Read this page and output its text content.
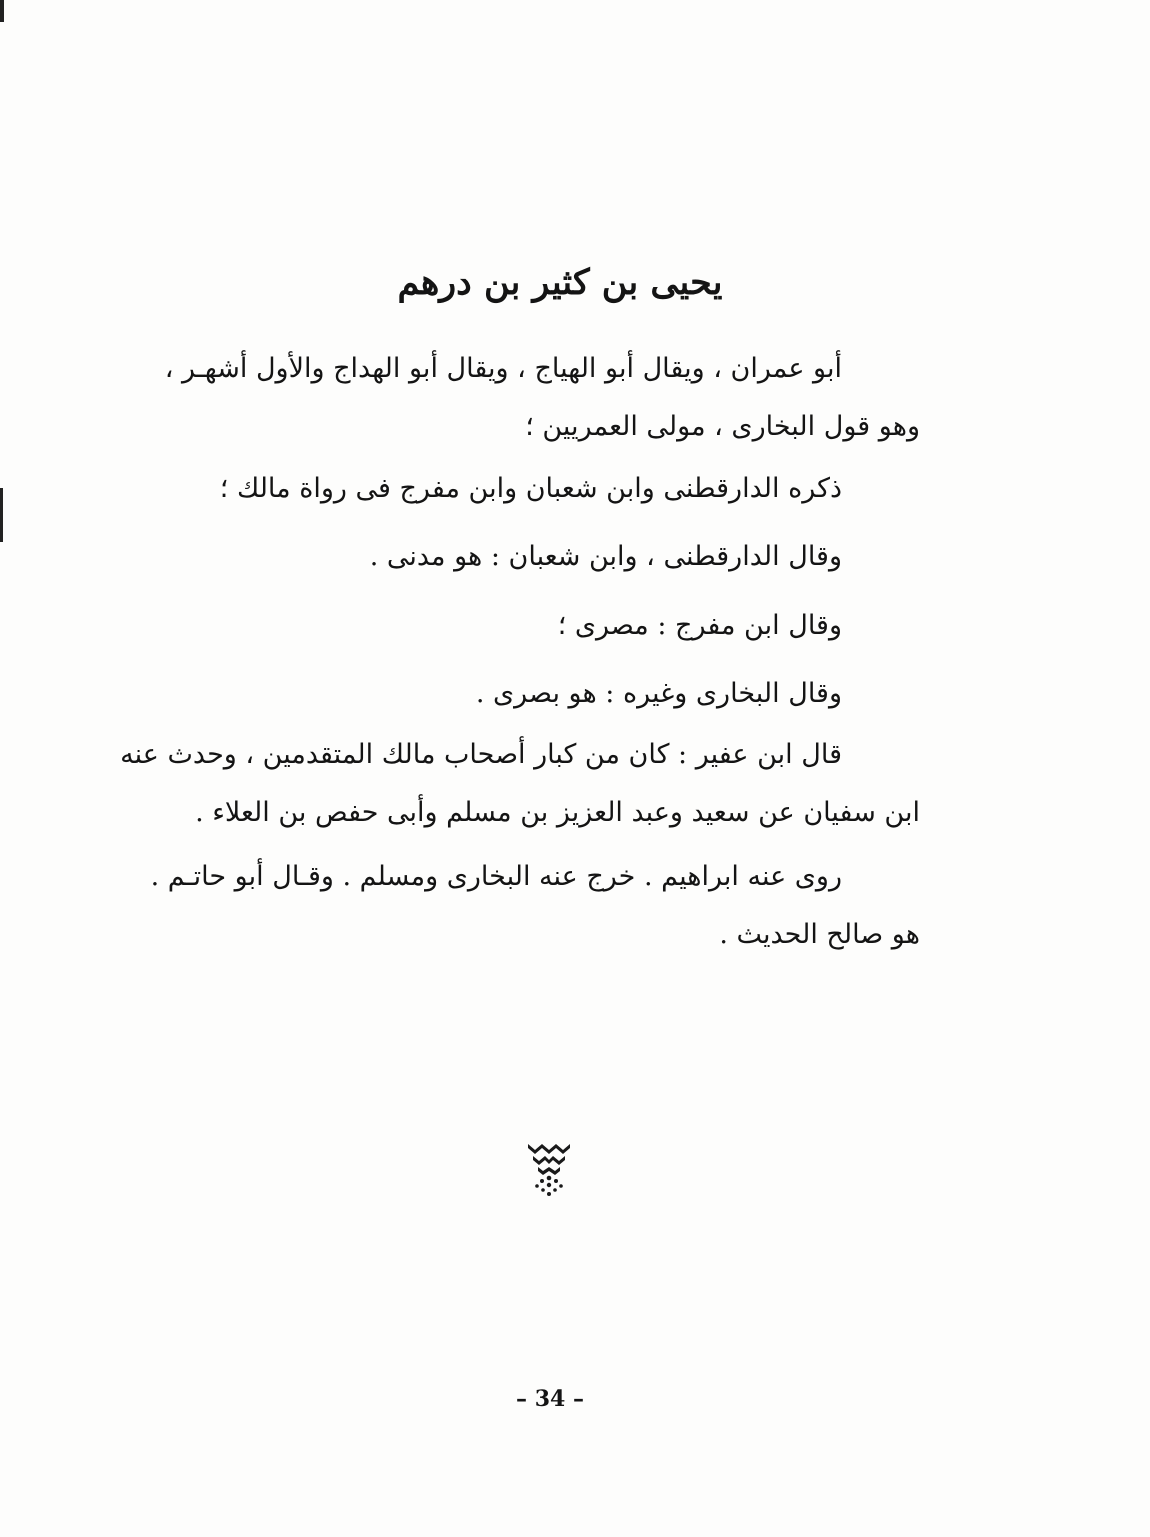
يحيى بن كثير بن درهم
أبو عمران ، ويقال أبو الهياج ، ويقال أبو الهداج والأول أشهـر ،
وهو قول البخارى ، مولى العمريين ؛
ذكره الدارقطنى وابن شعبان وابن مفرج فى رواة مالك ؛
وقال الدارقطنى ، وابن شعبان : هو مدنى .
وقال ابن مفرج : مصرى ؛
وقال البخارى وغيره : هو بصرى .
قال ابن عفير : كان من كبار أصحاب مالك المتقدمين ، وحدث عنه
ابن سفيان عن سعيد وعبد العزيز بن مسلم وأبى حفص بن العلاء .
روى عنه ابراهيم . خرج عنه البخارى ومسلم . وقـال أبو حاتـم .
هو صالح الحديث .
– 34 –
